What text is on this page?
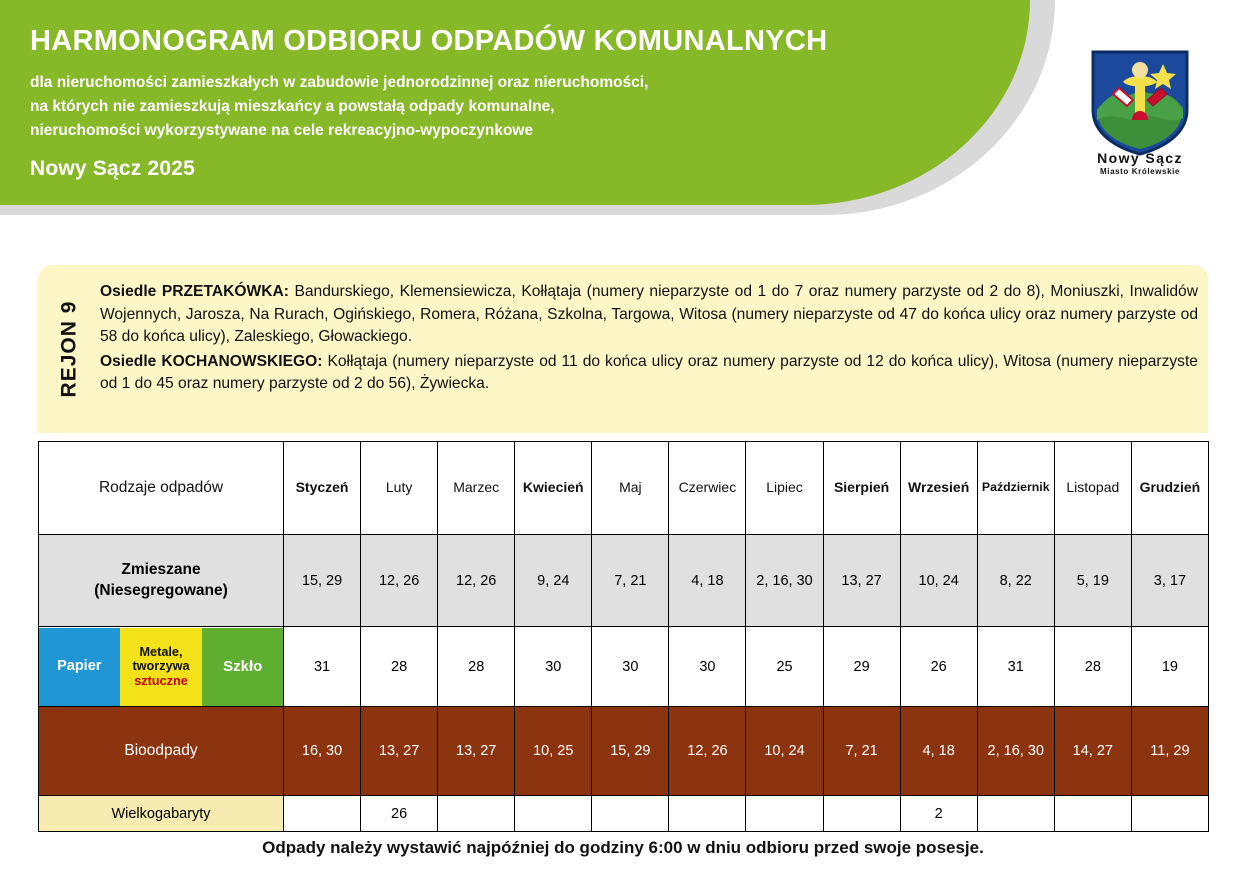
HARMONOGRAM ODBIORU ODPADÓW KOMUNALNYCH
dla nieruchomości zamieszkałych w zabudowie jednorodzinnej oraz nieruchomości,
na których nie zamieszkują mieszkańcy a powstałą odpady komunalne,
nieruchomości wykorzystywane na cele rekreacyjno-wypoczynkowe
Nowy Sącz 2025	Nowy Sącz
Miasto Królewskie
REJON 9

Osiedle PRZETAKÓWKA: Bandurskiego, Klemensiewicza, Kołłątaja (numery nieparzyste od 1 do 7 oraz numery parzyste od 2 do 8), Moniuszki, Inwalidów Wojennych, Jarosza, Na Rurach, Ogińskiego, Romera, Różana, Szkolna, Targowa, Witosa (numery nieparzyste od 47 do końca ulicy oraz numery parzyste od 58 do końca ulicy), Zaleskiego, Głowackiego.

Osiedle KOCHANOWSKIEGO: Kołłątaja (numery nieparzyste od 11 do końca ulicy oraz numery parzyste od 12 do końca ulicy), Witosa (numery nieparzyste od 1 do 45 oraz numery parzyste od 2 do 56), Żywiecka.

Rodzaje odpadów	Styczeń	Luty	Marzec	Kwiecień	Maj	Czerwiec	Lipiec	Sierpień	Wrzesień	Październik	Listopad	Grudzień

Zmieszane
(Niesegregowane)	15, 29	12, 26	12, 26	9, 24	7, 21	4, 18	2, 16, 30	13, 27	10, 24	8, 22	5, 19	3, 17

Papier
Metale,
tworzywa
sztuczne
Szkło	31	28	28	30	30	30	25	29	26	31	28	19
Bioodpady	16, 30	13, 27	13, 27	10, 25	15, 29	12, 26	10, 24	7, 21	4, 18	2, 16, 30	14, 27	11, 29
Wielkogabaryty		26							2			
Odpady należy wystawić najpóźniej do godziny 6:00 w dniu odbioru przed swoje posesje.
